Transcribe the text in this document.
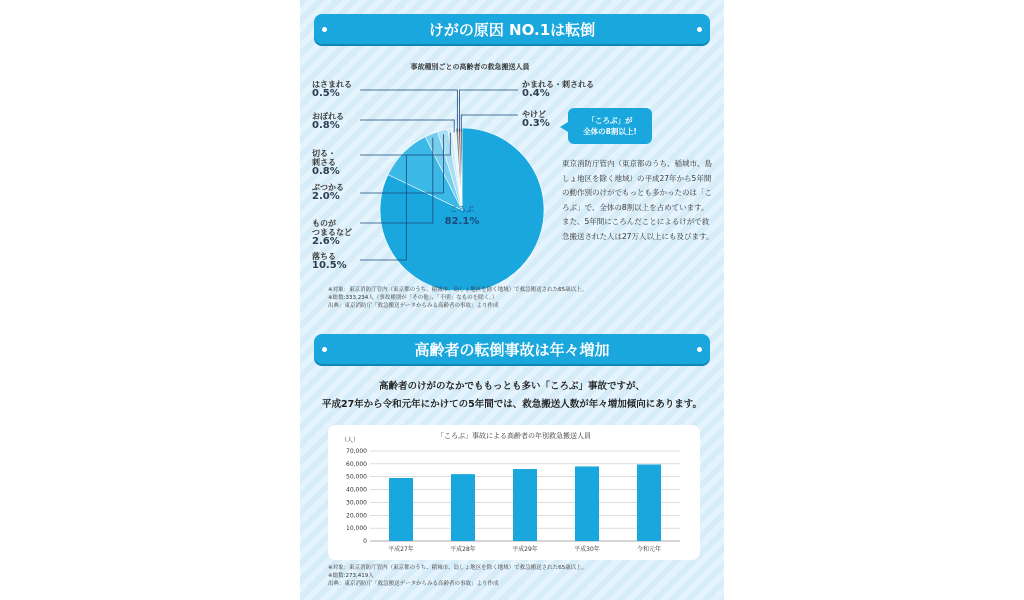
けがの原因 NO.1は転倒
事故種別ごとの高齢者の救急搬送人員
ころぶ
82.1%
はさまれる
0.5%
おぼれる
0.8%

切る・
刺さる
0.8%

ぶつかる
2.0%

ものが
つまるなど
2.6%

落ちる
10.5%
かまれる・刺される
0.4%
やけど
0.3%	「ころぶ」が
全体の8割以上!
東京消防庁管内（東京都のうち、稲城市、島しょ地区を除く地域）の平成27年から5年間の動作別のけがでもっとも多かったのは「ころぶ」で、全体の8割以上を占めています。また、5年間にころんだことによるけがで救急搬送された人は27万人以上にも及びます。
※対象：東京消防庁管内（東京都のうち、稲城市、島しょ地区を除く地域）で救急搬送された65歳以上。
※総数:333,234人（事故種別が「その他」、「不明」なものを除く。）
出典：東京消防庁「救急搬送データからみる高齢者の事故」より作成
高齢者の転倒事故は年々増加
高齢者のけがのなかでももっとも多い「ころぶ」事故ですが、
平成27年から令和元年にかけての5年間では、救急搬送人数が年々増加傾向にあります。
「ころぶ」事故による高齢者の年別救急搬送人員
（人）
0
10,000
20,000
30,000
40,000
50,000
60,000
70,000
平成27年	平成28年	平成29年	平成30年	令和元年
※対象：東京消防庁管内（東京都のうち、稲城市、島しょ地区を除く地域）で救急搬送された65歳以上。
※総数:273,419人
出典：東京消防庁「救急搬送データからみる高齢者の事故」より作成
